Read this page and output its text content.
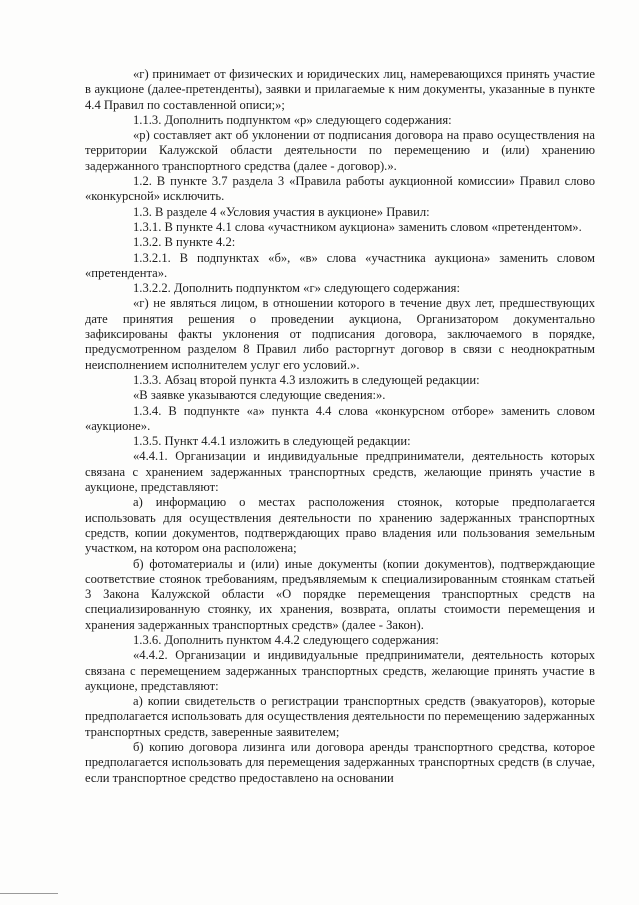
«г) принимает от физических и юридических лиц, намеревающихся принять участие в аукционе (далее-претенденты), заявки и прилагаемые к ним документы, указанные в пункте 4.4 Правил по составленной описи;»;

1.1.3. Дополнить подпунктом «р» следующего содержания:

«р) составляет акт об уклонении от подписания договора на право осуществления на территории Калужской области деятельности по перемещению и (или) хранению задержанного транспортного средства (далее - договор).».

1.2. В пункте 3.7 раздела 3 «Правила работы аукционной комиссии» Правил слово «конкурсной» исключить.

1.3. В разделе 4 «Условия участия в аукционе» Правил:

1.3.1. В пункте 4.1 слова «участником аукциона» заменить словом «претендентом».

1.3.2. В пункте 4.2:

1.3.2.1. В подпунктах «б», «в» слова «участника аукциона» заменить словом «претендента».

1.3.2.2. Дополнить подпунктом «г» следующего содержания:

«г) не являться лицом, в отношении которого в течение двух лет, предшествующих дате принятия решения о проведении аукциона, Организатором документально зафиксированы факты уклонения от подписания договора, заключаемого в порядке, предусмотренном разделом 8 Правил либо расторгнут договор в связи с неоднократным неисполнением исполнителем услуг его условий.».

1.3.3. Абзац второй пункта 4.3 изложить в следующей редакции:

«В заявке указываются следующие сведения:».

1.3.4. В подпункте «а» пункта 4.4 слова «конкурсном отборе» заменить словом «аукционе».

1.3.5. Пункт 4.4.1 изложить в следующей редакции:

«4.4.1. Организации и индивидуальные предприниматели, деятельность которых связана с хранением задержанных транспортных средств, желающие принять участие в аукционе, представляют:

а) информацию о местах расположения стоянок, которые предполагается использовать для осуществления деятельности по хранению задержанных транспортных средств, копии документов, подтверждающих право владения или пользования земельным участком, на котором она расположена;

б) фотоматериалы и (или) иные документы (копии документов), подтверждающие соответствие стоянок требованиям, предъявляемым к специализированным стоянкам статьей 3 Закона Калужской области «О порядке перемещения транспортных средств на специализированную стоянку, их хранения, возврата, оплаты стоимости перемещения и хранения задержанных транспортных средств» (далее - Закон).

1.3.6. Дополнить пунктом 4.4.2 следующего содержания:

«4.4.2. Организации и индивидуальные предприниматели, деятельность которых связана с перемещением задержанных транспортных средств, желающие принять участие в аукционе, представляют:

а) копии свидетельств о регистрации транспортных средств (эвакуаторов), которые предполагается использовать для осуществления деятельности по перемещению задержанных транспортных средств, заверенные заявителем;

б) копию договора лизинга или договора аренды транспортного средства, которое предполагается использовать для перемещения задержанных транспортных средств (в случае, если транспортное средство предоставлено на основании
